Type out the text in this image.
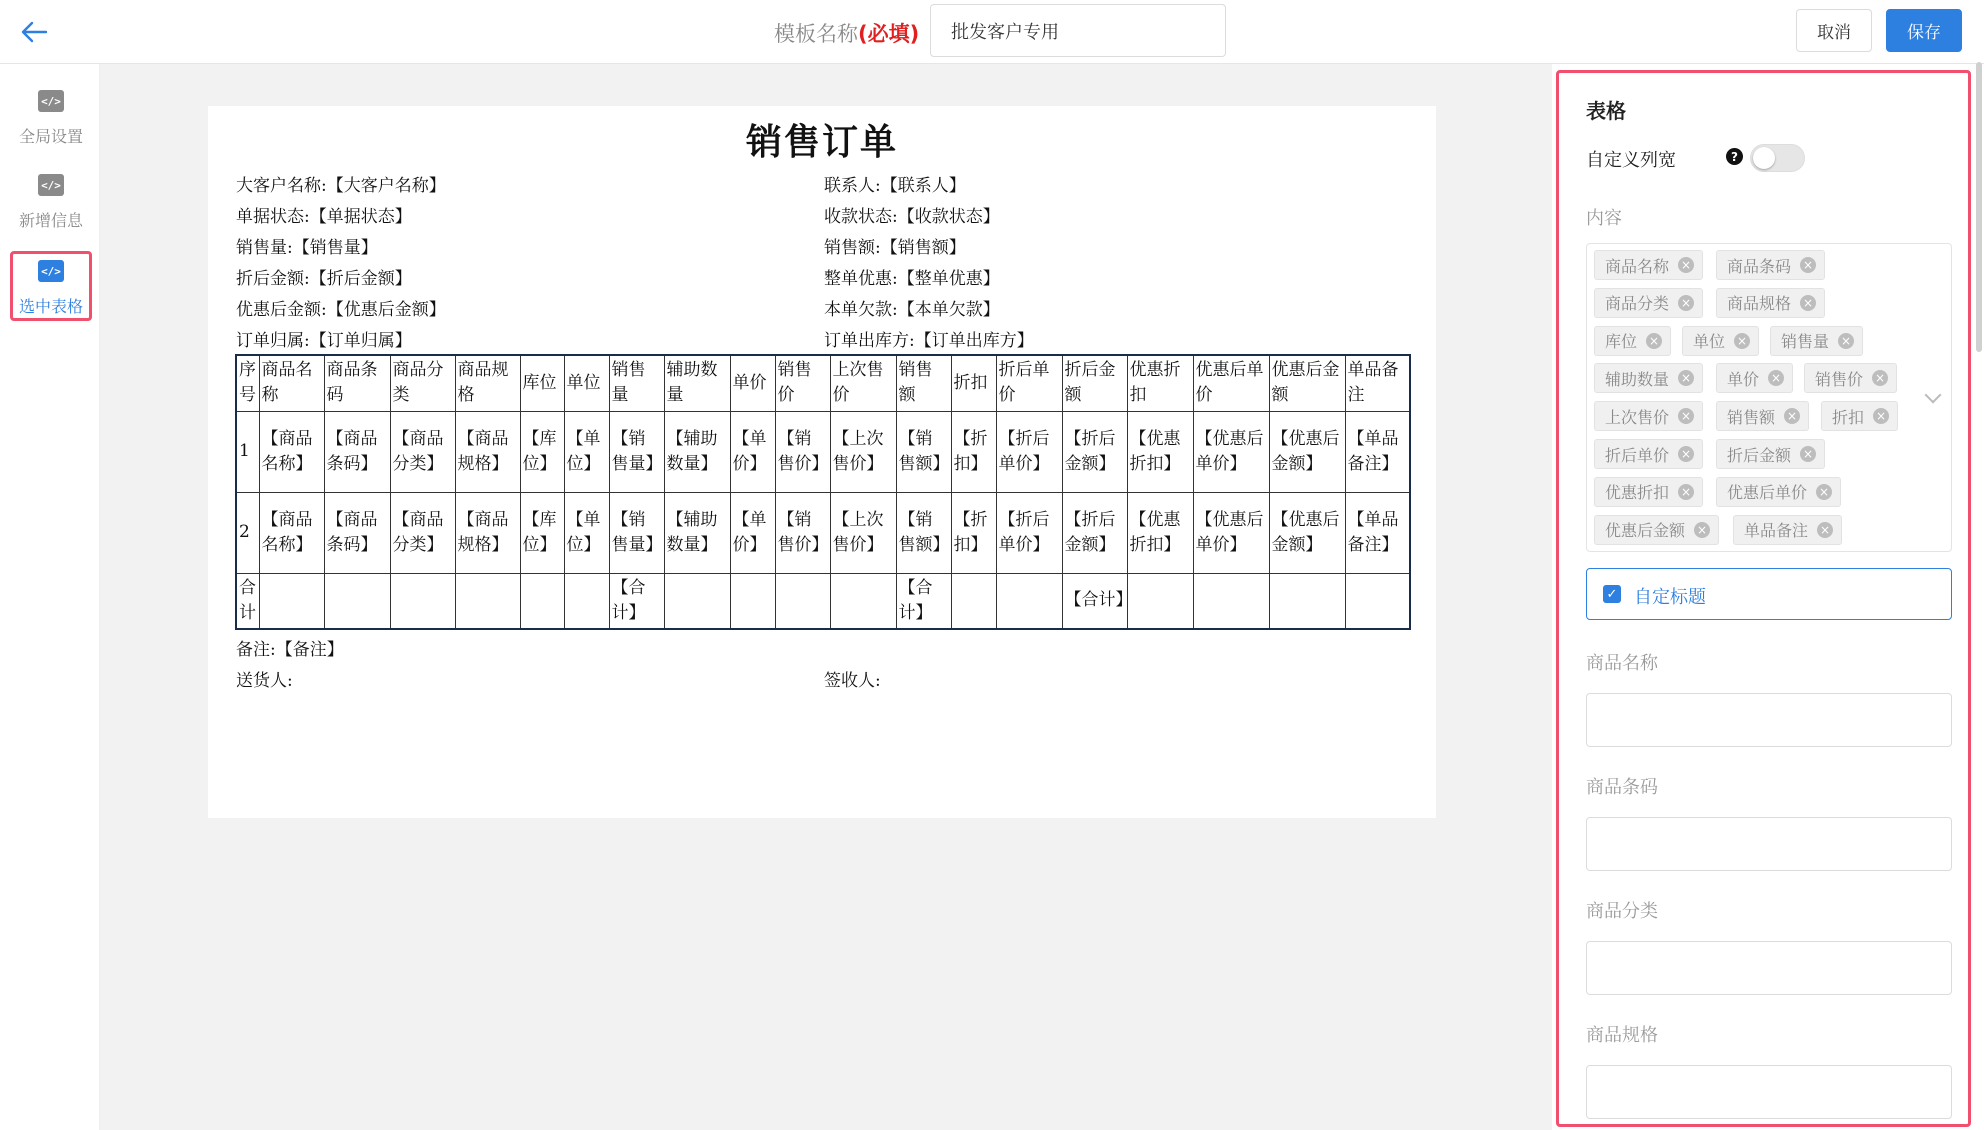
模板名称(必填)
批发客户专用	取消	保存
</>
全局设置
</>
新增信息
</>
选中表格
销售订单
大客户名称:【大客户名称】
单据状态:【单据状态】
销售量:【销售量】
折后金额:【折后金额】
优惠后金额:【优惠后金额】
订单归属:【订单归属】
联系人:【联系人】
收款状态:【收款状态】
销售额:【销售额】
整单优惠:【整单优惠】
本单欠款:【本单欠款】
订单出库方:【订单出库方】
序号	商品名称	商品条码	商品分类	商品规格	库位	单位	销售量	辅助数量	单价	销售价	上次售价	销售额	折扣	折后单价	折后金额	优惠折扣	优惠后单价	优惠后金额	单品备注
1	【商品名称】	【商品条码】	【商品分类】	【商品规格】	【库位】	【单位】	【销售量】	【辅助数量】	【单价】	【销售价】	【上次售价】	【销售额】	【折扣】	【折后单价】	【折后金额】	【优惠折扣】	【优惠后单价】	【优惠后金额】	【单品备注】
2	【商品名称】	【商品条码】	【商品分类】	【商品规格】	【库位】	【单位】	【销售量】	【辅助数量】	【单价】	【销售价】	【上次售价】	【销售额】	【折扣】	【折后单价】	【折后金额】	【优惠折扣】	【优惠后单价】	【优惠后金额】	【单品备注】
合计							【合计】					【合计】			【合计】				
备注:【备注】
送货人:	签收人:
表格
自定义列宽	?
内容
商品名称 × 商品条码 ×
商品分类 × 商品规格 ×
库位 × 单位 × 销售量 ×
辅助数量 × 单价 × 销售价 ×
上次售价 × 销售额 × 折扣 ×
折后单价 × 折后金额 ×
优惠折扣 × 优惠后单价 ×
优惠后金额 × 单品备注 ×
✓ 自定标题
商品名称
商品条码
商品分类
商品规格
